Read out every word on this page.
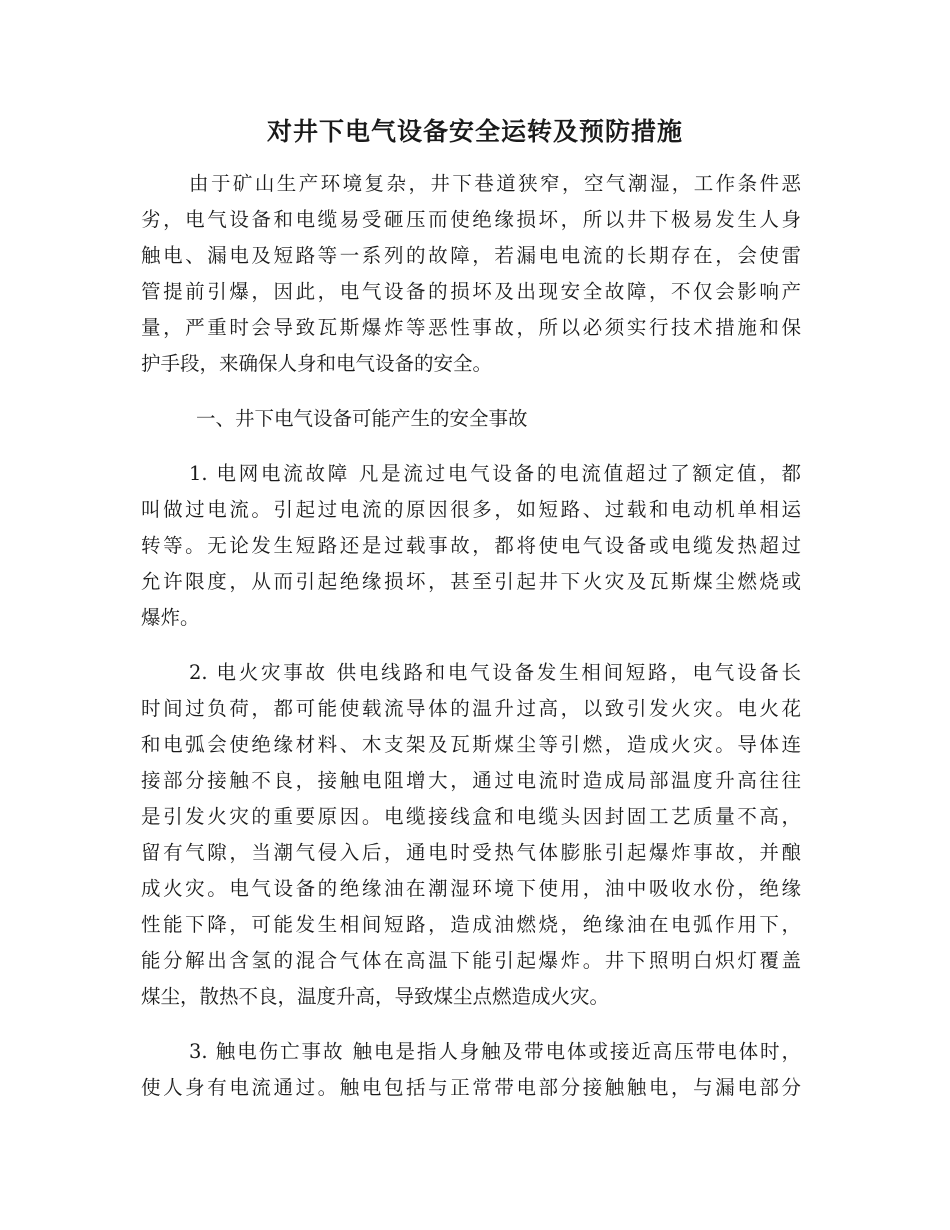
对井下电气设备安全运转及预防措施
由于矿山生产环境复杂，井下巷道狭窄，空气潮湿，工作条件恶
劣，电气设备和电缆易受砸压而使绝缘损坏，所以井下极易发生人身
触电、漏电及短路等一系列的故障，若漏电电流的长期存在，会使雷
管提前引爆，因此，电气设备的损坏及出现安全故障，不仅会影响产
量，严重时会导致瓦斯爆炸等恶性事故，所以必须实行技术措施和保
护手段，来确保人身和电气设备的安全。
一、井下电气设备可能产生的安全事故
1. 电网电流故障 凡是流过电气设备的电流值超过了额定值，都
叫做过电流。引起过电流的原因很多，如短路、过载和电动机单相运
转等。无论发生短路还是过载事故，都将使电气设备或电缆发热超过
允许限度，从而引起绝缘损坏，甚至引起井下火灾及瓦斯煤尘燃烧或
爆炸。
2. 电火灾事故 供电线路和电气设备发生相间短路，电气设备长
时间过负荷，都可能使载流导体的温升过高，以致引发火灾。电火花
和电弧会使绝缘材料、木支架及瓦斯煤尘等引燃，造成火灾。导体连
接部分接触不良，接触电阻增大，通过电流时造成局部温度升高往往
是引发火灾的重要原因。电缆接线盒和电缆头因封固工艺质量不高，
留有气隙，当潮气侵入后，通电时受热气体膨胀引起爆炸事故，并酿
成火灾。电气设备的绝缘油在潮湿环境下使用，油中吸收水份，绝缘
性能下降，可能发生相间短路，造成油燃烧，绝缘油在电弧作用下，
能分解出含氢的混合气体在高温下能引起爆炸。井下照明白炽灯覆盖
煤尘，散热不良，温度升高，导致煤尘点燃造成火灾。
3. 触电伤亡事故 触电是指人身触及带电体或接近高压带电体时，
使人身有电流通过。触电包括与正常带电部分接触触电，与漏电部分
